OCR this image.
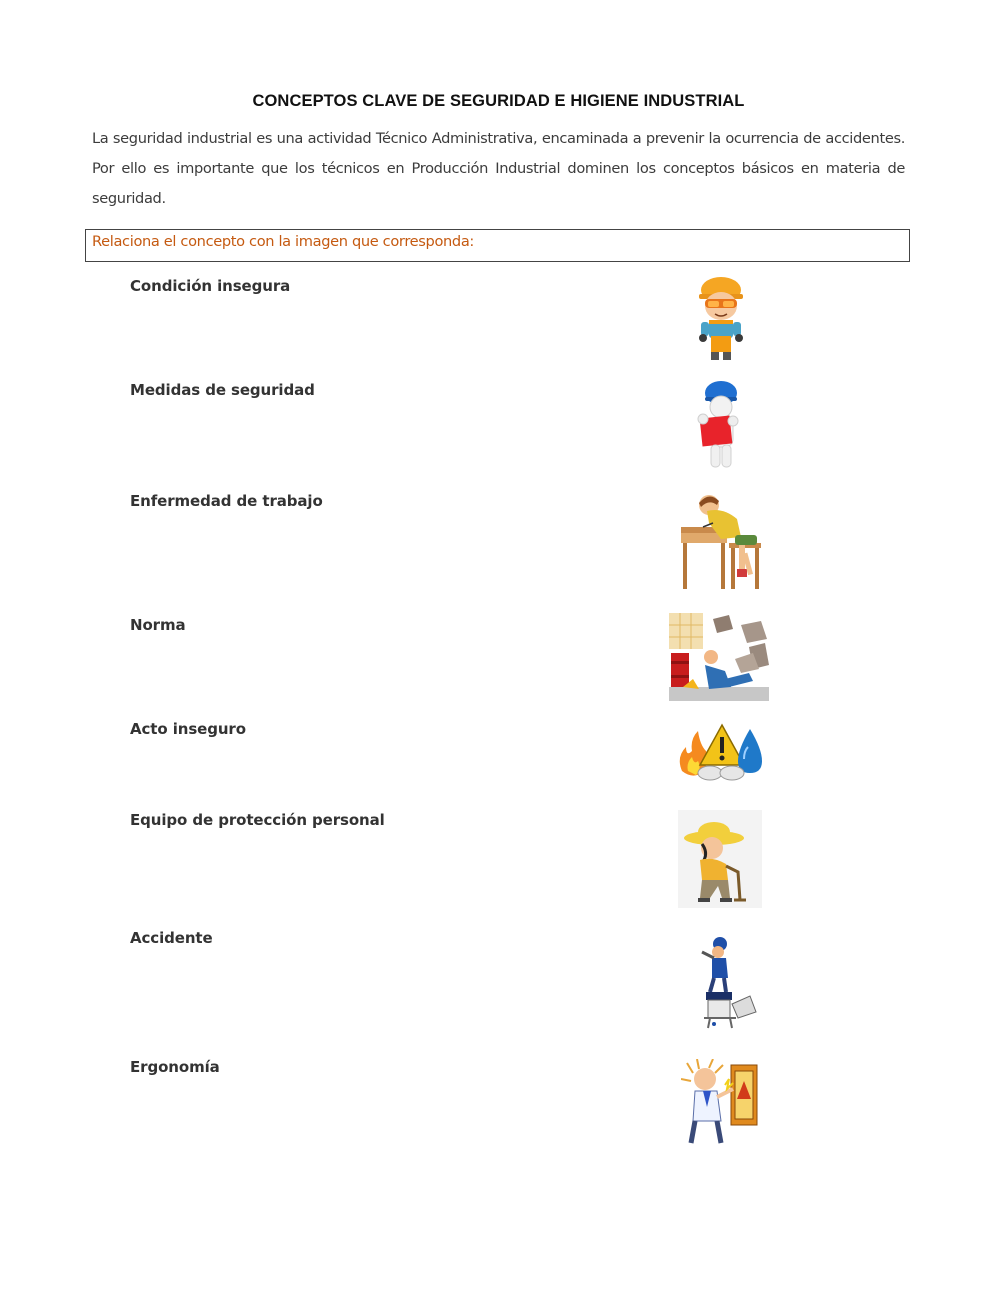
CONCEPTOS CLAVE DE SEGURIDAD E HIGIENE INDUSTRIAL
La seguridad industrial es una actividad Técnico Administrativa, encaminada a prevenir la ocurrencia de accidentes. Por ello es importante que los técnicos en Producción Industrial dominen los conceptos básicos en materia de seguridad.
Relaciona el concepto con la imagen que corresponda:
Condición insegura
Medidas de seguridad
Enfermedad de trabajo
Norma
Acto inseguro
Equipo de protección personal
Accidente
Ergonomía
